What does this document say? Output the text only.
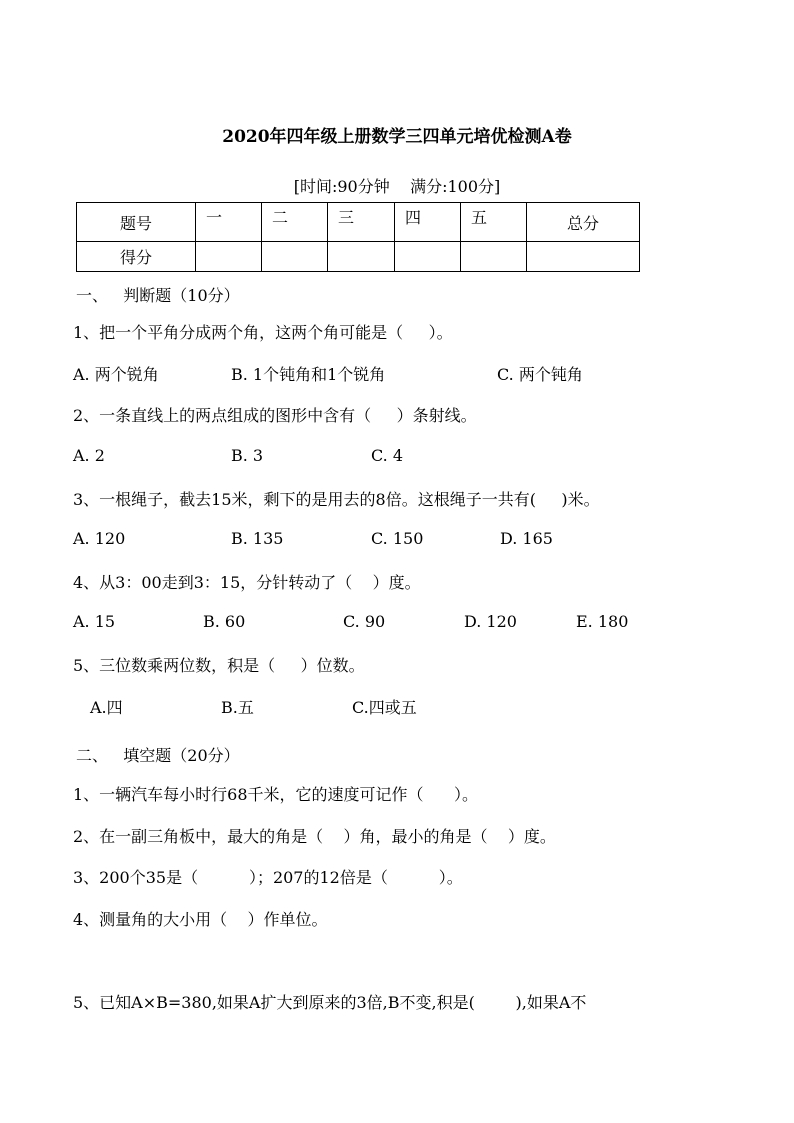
2020年四年级上册数学三四单元培优检测A卷
[时间:90分钟    满分:100分]
题号	一	二	三	四	五	总分
得分						
一、   判断题（10分）
1、把一个平角分成两个角，这两个角可能是（     ）。
A. 两个锐角	B. 1个钝角和1个锐角	C. 两个钝角
2、一条直线上的两点组成的图形中含有（     ）条射线。
A. 2	B. 3	C. 4
3、一根绳子，截去15米，剩下的是用去的8倍。这根绳子一共有(     )米。
A. 120	B. 135	C. 150	D. 165
4、从3：00走到3：15，分针转动了（    ）度。
A. 15	B. 60	C. 90	D. 120	E. 180
5、三位数乘两位数，积是（     ）位数。
A.四	B.五	C.四或五
二、   填空题（20分）
1、一辆汽车每小时行68千米，它的速度可记作（      ）。
2、在一副三角板中，最大的角是（    ）角，最小的角是（    ）度。
3、200个35是（          ）；207的12倍是（          ）。
4、测量角的大小用（    ）作单位。
5、已知A×B=380,如果A扩大到原来的3倍,B不变,积是(        ),如果A不
